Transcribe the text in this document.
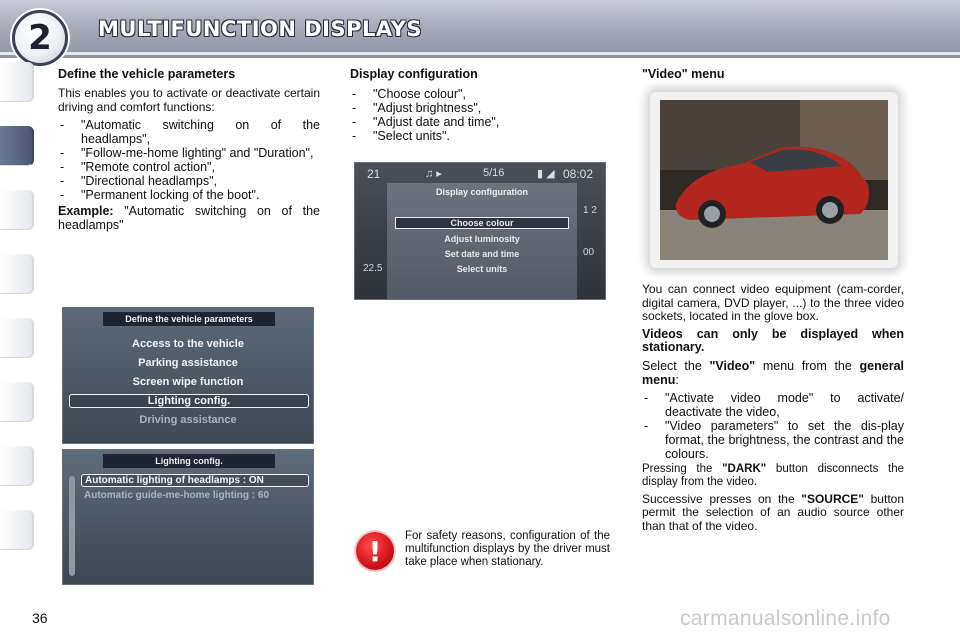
2	MULTIFUNCTION DISPLAYS
Define the vehicle parameters
This enables you to activate or deactivate certain driving and comfort functions:
- "Automatic switching on of the headlamps",
- "Follow-me-home lighting" and "Duration",
- "Remote control action",
- "Directional headlamps",
- "Permanent locking of the boot".
Example: "Automatic switching on of the headlamps"
Display configuration
- "Choose colour",
- "Adjust brightness",
- "Adjust date and time",
- "Select units".
21	♫ ▸	5/16	▮ ◢ 08:02
Display configuration
Choose colour
Adjust luminosity
Set date and time
Select units
22.5
1 2
00
Define the vehicle parameters
Access to the vehicle
Parking assistance
Screen wipe function
Lighting config.
Driving assistance
Lighting config.
Automatic lighting of headlamps : ON
Automatic guide-me-home lighting : 60
!	For safety reasons, configuration of the multifunction displays by the driver must take place when stationary.
"Video" menu
You can connect video equipment (cam-corder, digital camera, DVD player, ...) to the three video sockets, located in the glove box.
Videos can only be displayed when stationary.
Select the "Video" menu from the general menu:
- "Activate video mode" to activate/ deactivate the video,
- "Video parameters" to set the dis-play format, the brightness, the contrast and the colours.
Pressing the "DARK" button disconnects the display from the video.
Successive presses on the "SOURCE" button permit the selection of an audio source other than that of the video.
36	carmanualsonline.info
